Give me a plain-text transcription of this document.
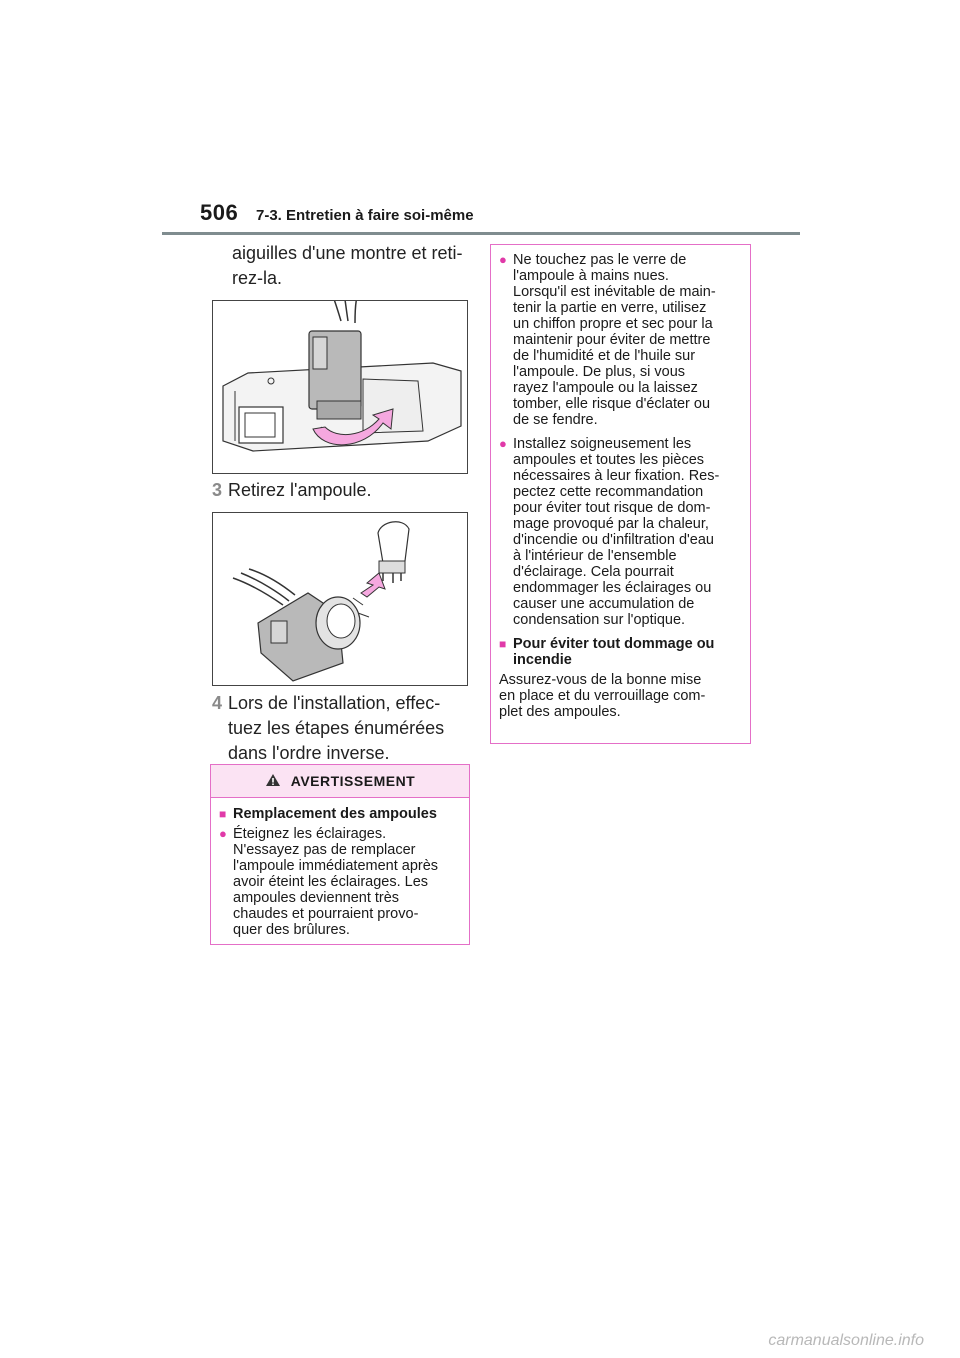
506 7-3. Entretien à faire soi-même
aiguilles d'une montre et reti-
rez-la.
3 Retirez l'ampoule.
4 Lors de l'installation, effec-
tuez les étapes énumérées
dans l'ordre inverse.
AVERTISSEMENT
■ Remplacement des ampoules
● Éteignez les éclairages.
N'essayez pas de remplacer
l'ampoule immédiatement après
avoir éteint les éclairages. Les
ampoules deviennent très
chaudes et pourraient provo-
quer des brûlures.
● Ne touchez pas le verre de
l'ampoule à mains nues.
Lorsqu'il est inévitable de main-
tenir la partie en verre, utilisez
un chiffon propre et sec pour la
maintenir pour éviter de mettre
de l'humidité et de l'huile sur
l'ampoule. De plus, si vous
rayez l'ampoule ou la laissez
tomber, elle risque d'éclater ou
de se fendre.
● Installez soigneusement les
ampoules et toutes les pièces
nécessaires à leur fixation. Res-
pectez cette recommandation
pour éviter tout risque de dom-
mage provoqué par la chaleur,
d'incendie ou d'infiltration d'eau
à l'intérieur de l'ensemble
d'éclairage. Cela pourrait
endommager les éclairages ou
causer une accumulation de
condensation sur l'optique.
■ Pour éviter tout dommage ou
incendie
Assurez-vous de la bonne mise
en place et du verrouillage com-
plet des ampoules.
carmanualsonline.info
